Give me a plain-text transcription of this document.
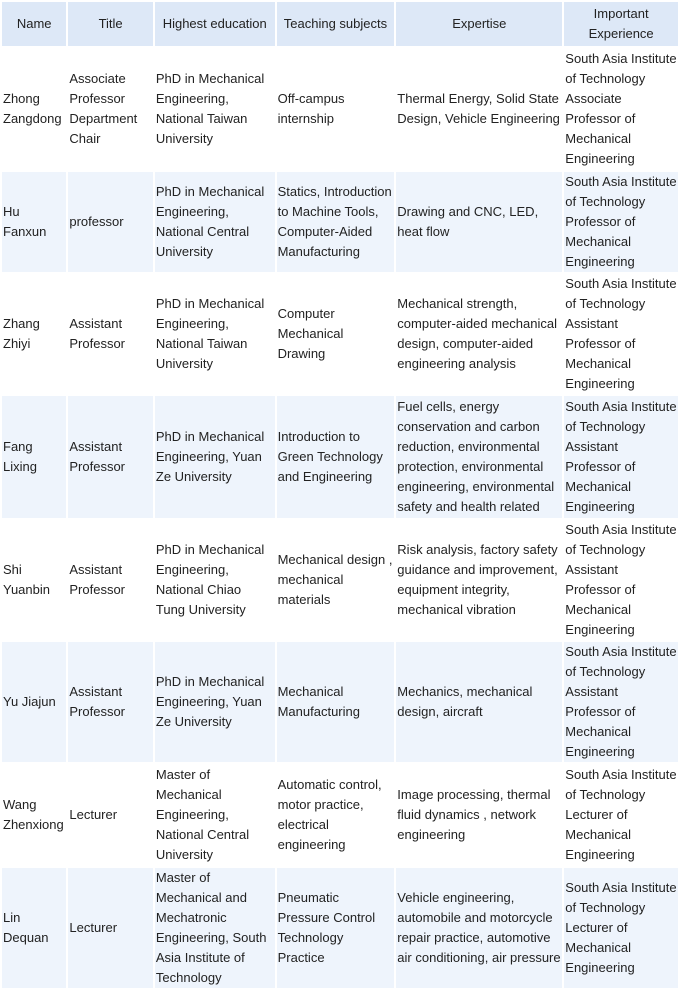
Name	Title	Highest education	Teaching subjects	Expertise	Important Experience
Zhong Zangdong	Associate Professor Department Chair	PhD in Mechanical Engineering, National Taiwan University	Off-campus internship	Thermal Energy, Solid State Design, Vehicle Engineering	South Asia Institute of Technology Associate Professor of Mechanical Engineering
Hu Fanxun	professor	PhD in Mechanical Engineering, National Central University	Statics, Introduction to Machine Tools, Computer-Aided Manufacturing	Drawing and CNC, LED, heat flow	South Asia Institute of Technology Professor of Mechanical Engineering
Zhang Zhiyi	Assistant Professor	PhD in Mechanical Engineering, National Taiwan University	Computer Mechanical Drawing	Mechanical strength, computer-aided mechanical design, computer-aided engineering analysis	South Asia Institute of Technology Assistant Professor of Mechanical Engineering
Fang Lixing	Assistant Professor	PhD in Mechanical Engineering, Yuan Ze University	Introduction to Green Technology and Engineering	Fuel cells, energy conservation and carbon reduction, environmental protection, environmental engineering, environmental safety and health related	South Asia Institute of Technology Assistant Professor of Mechanical Engineering
Shi Yuanbin	Assistant Professor	PhD in Mechanical Engineering, National Chiao Tung University	Mechanical design , mechanical materials	Risk analysis, factory safety guidance and improvement, equipment integrity, mechanical vibration	South Asia Institute of Technology Assistant Professor of Mechanical Engineering
Yu Jiajun	Assistant Professor	PhD in Mechanical Engineering, Yuan Ze University	Mechanical Manufacturing	Mechanics, mechanical design, aircraft	South Asia Institute of Technology Assistant Professor of Mechanical Engineering
Wang Zhenxiong	Lecturer	Master of Mechanical Engineering, National Central University	Automatic control, motor practice, electrical engineering	Image processing, thermal fluid dynamics , network engineering	South Asia Institute of Technology Lecturer of Mechanical Engineering
Lin Dequan	Lecturer	Master of Mechanical and Mechatronic Engineering, South Asia Institute of Technology	Pneumatic Pressure Control Technology Practice	Vehicle engineering, automobile and motorcycle repair practice, automotive air conditioning, air pressure	South Asia Institute of Technology Lecturer of Mechanical Engineering
